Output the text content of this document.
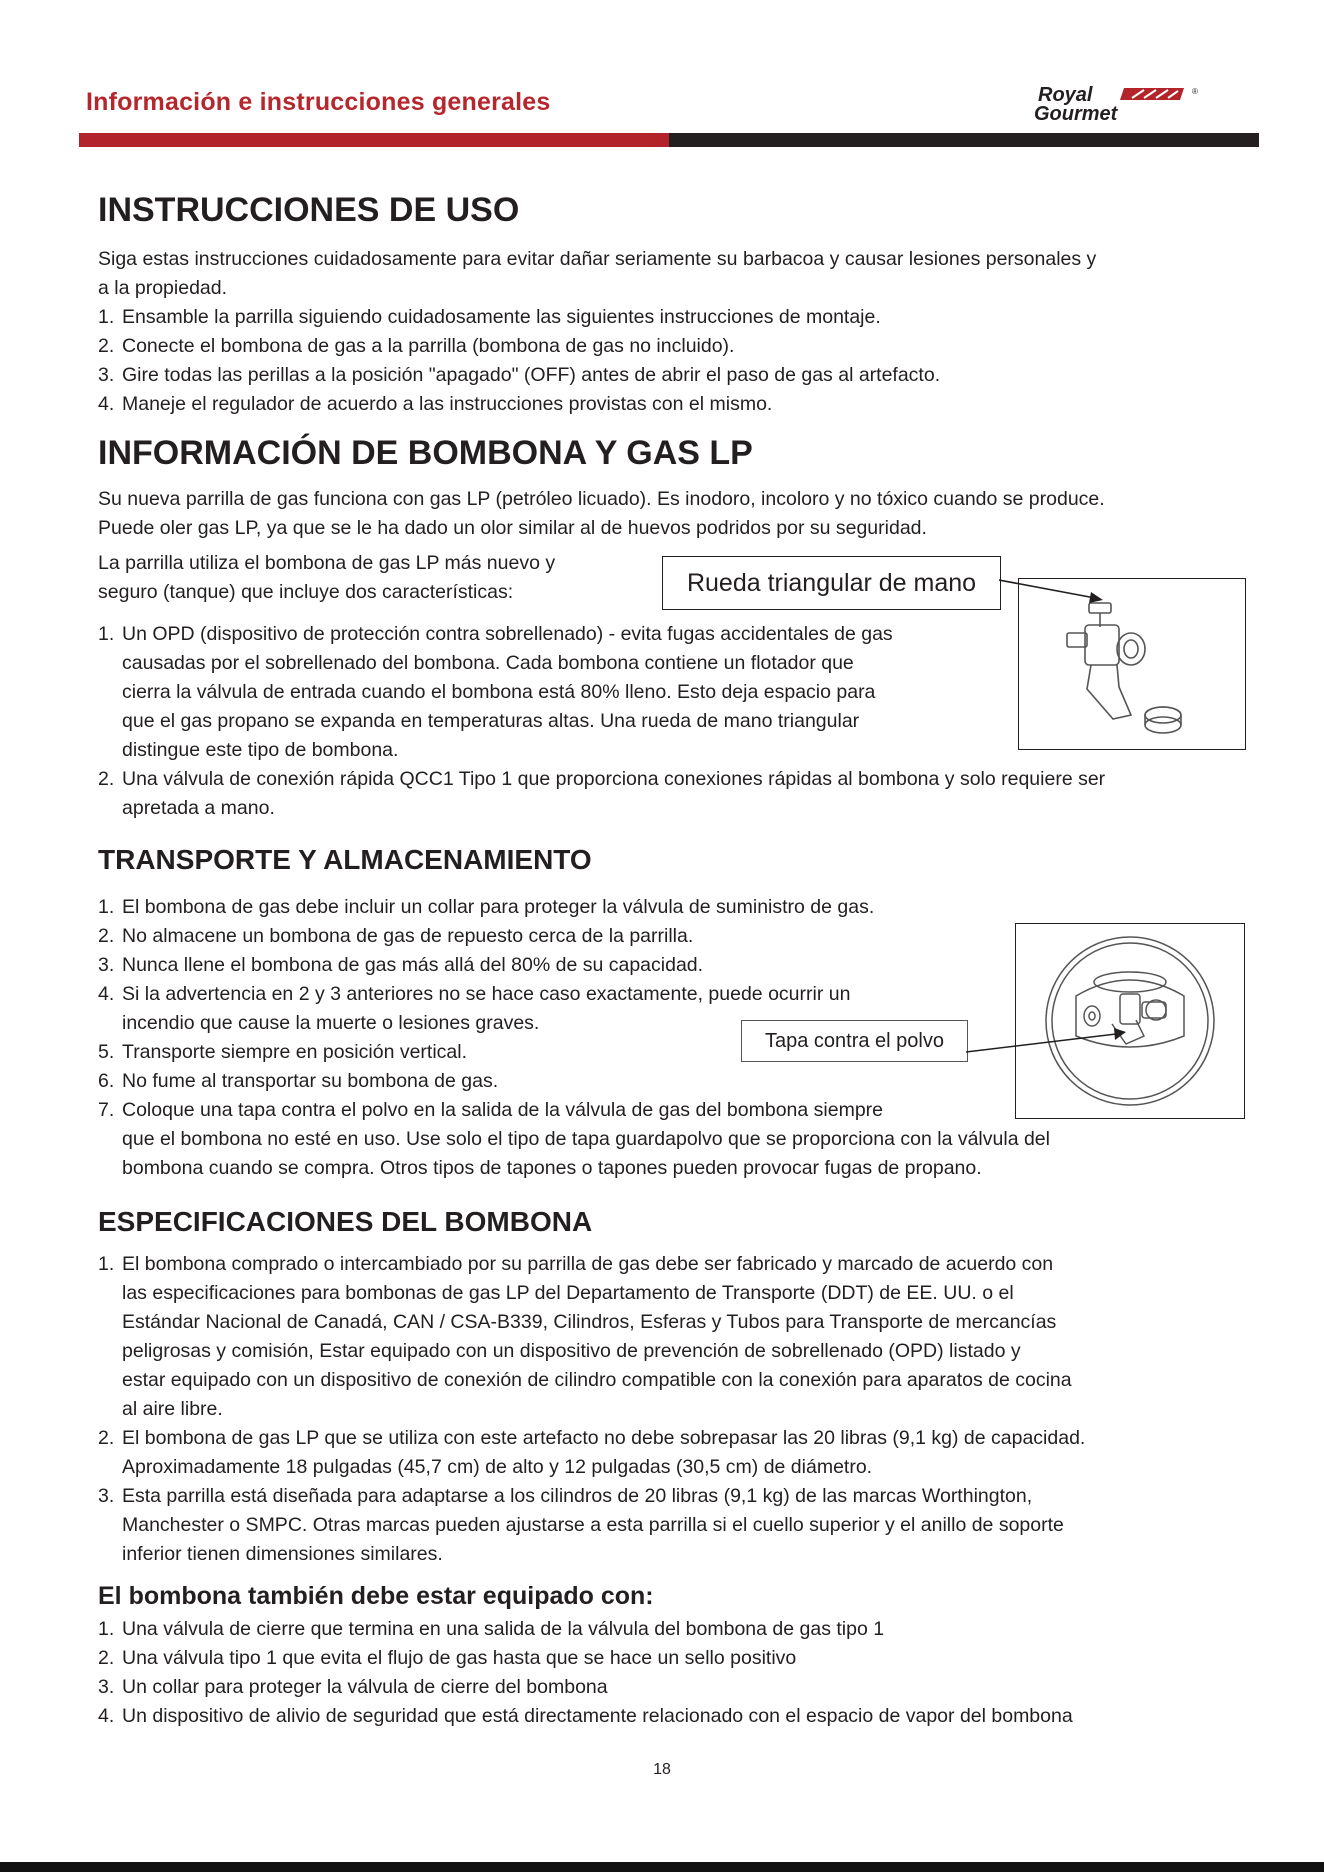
Información e instrucciones generales	Royal
Gourmet
®
INSTRUCCIONES DE USO
Siga estas instrucciones cuidadosamente para evitar dañar seriamente su barbacoa y causar lesiones personales y
a la propiedad.
1. Ensamble la parrilla siguiendo cuidadosamente las siguientes instrucciones de montaje.
2. Conecte el bombona de gas a la parrilla (bombona de gas no incluido).
3. Gire todas las perillas a la posición "apagado" (OFF) antes de abrir el paso de gas al artefacto.
4. Maneje el regulador de acuerdo a las instrucciones provistas con el mismo.
INFORMACIÓN DE BOMBONA Y GAS LP
Su nueva parrilla de gas funciona con gas LP (petróleo licuado). Es inodoro, incoloro y no tóxico cuando se produce.
Puede oler gas LP, ya que se le ha dado un olor similar al de huevos podridos por su seguridad.
La parrilla utiliza el bombona de gas LP más nuevo y
seguro (tanque) que incluye dos características:	Rueda triangular de mano
1. Un OPD (dispositivo de protección contra sobrellenado) - evita fugas accidentales de gas
causadas por el sobrellenado del bombona. Cada bombona contiene un flotador que
cierra la válvula de entrada cuando el bombona está 80% lleno. Esto deja espacio para
que el gas propano se expanda en temperaturas altas. Una rueda de mano triangular
distingue este tipo de bombona.
2. Una válvula de conexión rápida QCC1 Tipo 1 que proporciona conexiones rápidas al bombona y solo requiere ser
apretada a mano.
TRANSPORTE Y ALMACENAMIENTO
1. El bombona de gas debe incluir un collar para proteger la válvula de suministro de gas.
2. No almacene un bombona de gas de repuesto cerca de la parrilla.
3. Nunca llene el bombona de gas más allá del 80% de su capacidad.
4. Si la advertencia en 2 y 3 anteriores no se hace caso exactamente, puede ocurrir un
incendio que cause la muerte o lesiones graves.
5. Transporte siempre en posición vertical.
6. No fume al transportar su bombona de gas.
7. Coloque una tapa contra el polvo en la salida de la válvula de gas del bombona siempre
que el bombona no esté en uso. Use solo el tipo de tapa guardapolvo que se proporciona con la válvula del
bombona cuando se compra. Otros tipos de tapones o tapones pueden provocar fugas de propano.
Tapa contra el polvo
ESPECIFICACIONES DEL BOMBONA
1. El bombona comprado o intercambiado por su parrilla de gas debe ser fabricado y marcado de acuerdo con
las especificaciones para bombonas de gas LP del Departamento de Transporte (DDT) de EE. UU. o el
Estándar Nacional de Canadá, CAN / CSA-B339, Cilindros, Esferas y Tubos para Transporte de mercancías
peligrosas y comisión, Estar equipado con un dispositivo de prevención de sobrellenado (OPD) listado y
estar equipado con un dispositivo de conexión de cilindro compatible con la conexión para aparatos de cocina
al aire libre.
2. El bombona de gas LP que se utiliza con este artefacto no debe sobrepasar las 20 libras (9,1 kg) de capacidad.
Aproximadamente 18 pulgadas (45,7 cm) de alto y 12 pulgadas (30,5 cm) de diámetro.
3. Esta parrilla está diseñada para adaptarse a los cilindros de 20 libras (9,1 kg) de las marcas Worthington,
Manchester o SMPC. Otras marcas pueden ajustarse a esta parrilla si el cuello superior y el anillo de soporte
inferior tienen dimensiones similares.
El bombona también debe estar equipado con:
1. Una válvula de cierre que termina en una salida de la válvula del bombona de gas tipo 1
2. Una válvula tipo 1 que evita el flujo de gas hasta que se hace un sello positivo
3. Un collar para proteger la válvula de cierre del bombona
4. Un dispositivo de alivio de seguridad que está directamente relacionado con el espacio de vapor del bombona
18
